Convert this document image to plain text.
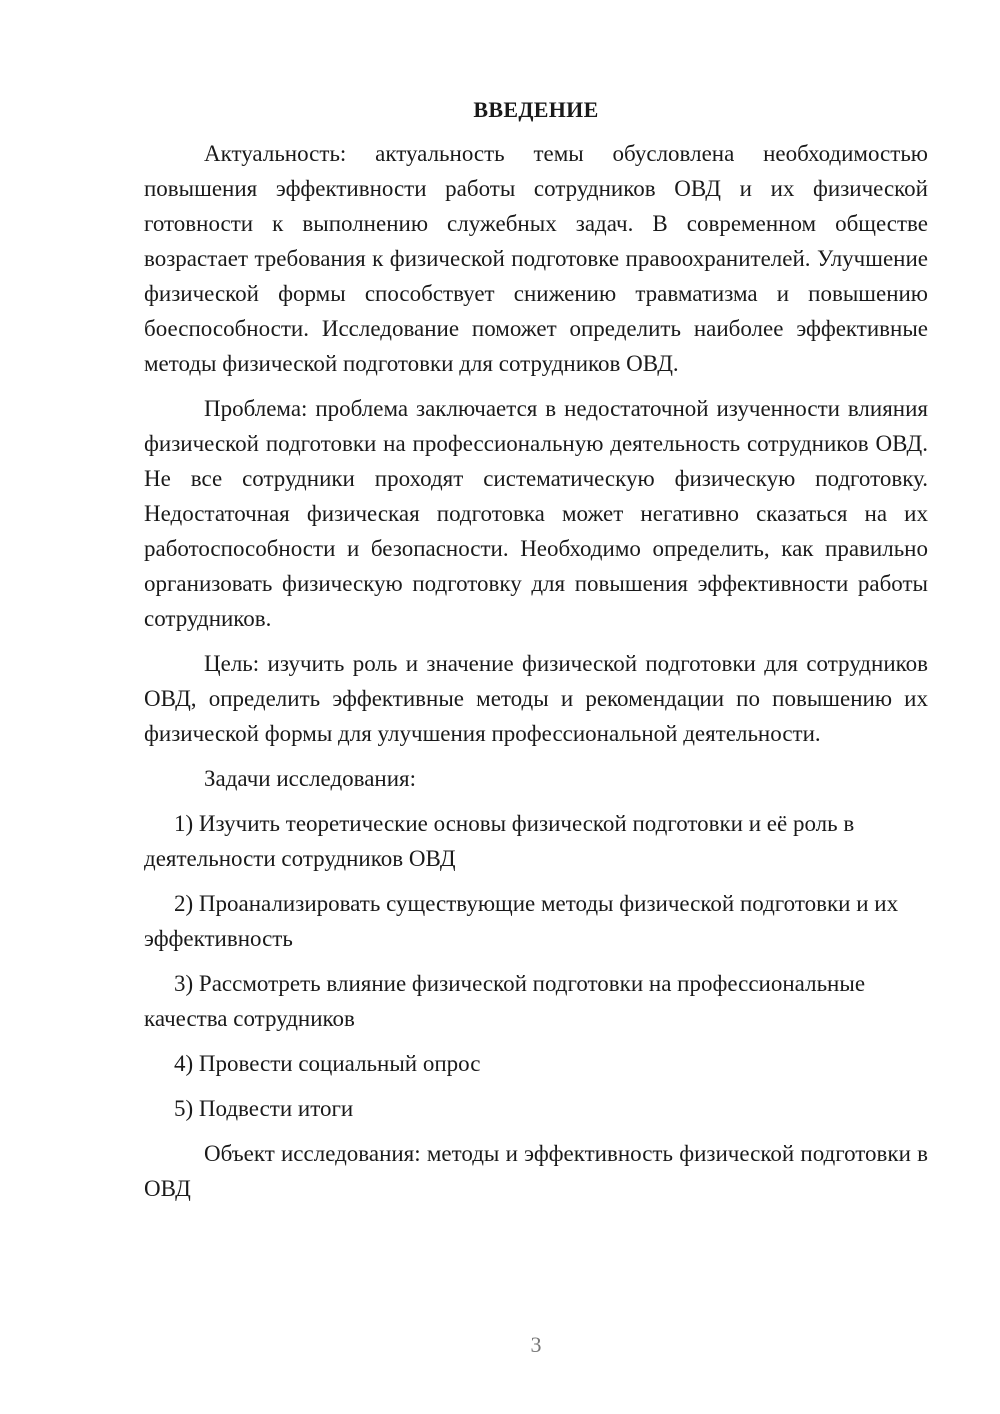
ВВЕДЕНИЕ

Актуальность: актуальность темы обусловлена необходимостью повышения эффективности работы сотрудников ОВД и их физической готовности к выполнению служебных задач. В современном обществе возрастает требования к физической подготовке правоохранителей. Улучшение физической формы способствует снижению травматизма и повышению боеспособности. Исследование поможет определить наиболее эффективные методы физической подготовки для сотрудников ОВД.

Проблема: проблема заключается в недостаточной изученности влияния физической подготовки на профессиональную деятельность сотрудников ОВД. Не все сотрудники проходят систематическую физическую подготовку. Недостаточная физическая подготовка может негативно сказаться на их работоспособности и безопасности. Необходимо определить, как правильно организовать физическую подготовку для повышения эффективности работы сотрудников.

Цель: изучить роль и значение физической подготовки для сотрудников ОВД, определить эффективные методы и рекомендации по повышению их физической формы для улучшения профессиональной деятельности.

Задачи исследования:

1) Изучить теоретические основы физической подготовки и её роль в деятельности сотрудников ОВД

2) Проанализировать существующие методы физической подготовки и их эффективность

3) Рассмотреть влияние физической подготовки на профессиональные качества сотрудников

4) Провести социальный опрос

5) Подвести итоги

Объект исследования: методы и эффективность физической подготовки в ОВД

3
